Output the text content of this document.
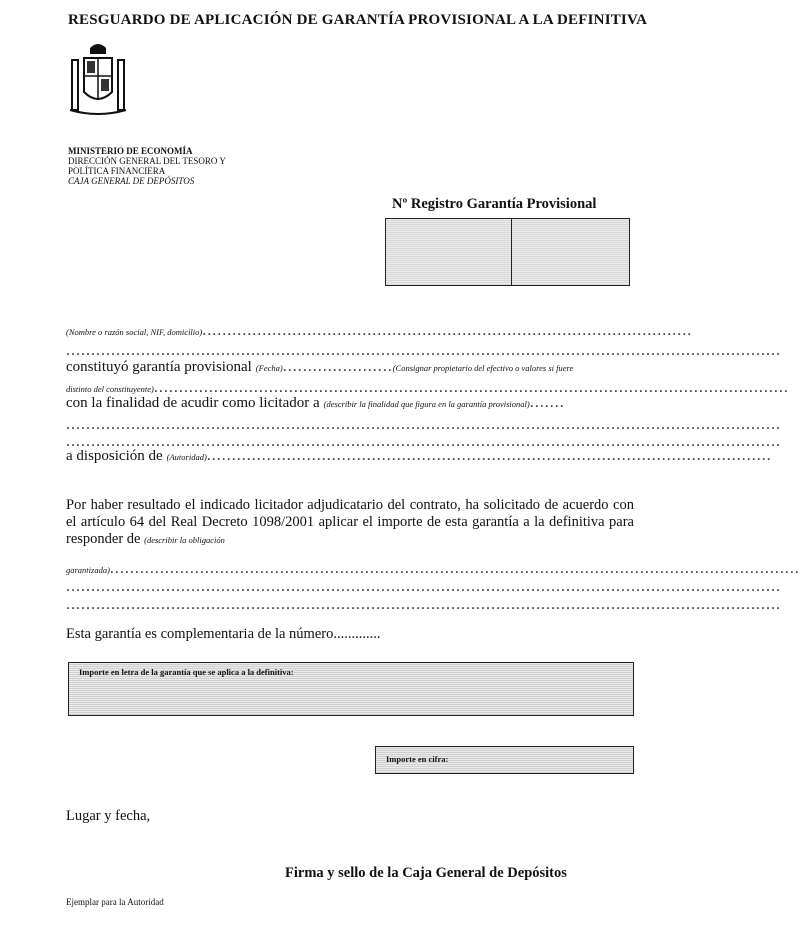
RESGUARDO DE APLICACIÓN DE GARANTÍA PROVISIONAL A LA DEFINITIVA
MINISTERIO DE ECONOMÍA
DIRECCIÓN GENERAL DEL TESORO Y
POLÍTICA FINANCIERA
CAJA GENERAL DE DEPÓSITOS
Nº Registro Garantía Provisional
(Nombre o razón social, NIF, domicilio)..................................................................................................
...............................................................................................................................................
constituyó garantía provisional (Fecha)......................(Consignar propietario del efectivo o valores si fuere
distinto del constituyente)...............................................................................................................................
con la finalidad de acudir como licitador a (describir la finalidad que figura en la garantía provisional).......
...............................................................................................................................................
...............................................................................................................................................
a disposición de (Autoridad).................................................................................................................
Por haber resultado el indicado licitador adjudicatario del contrato, ha solicitado de acuerdo con el artículo 64 del Real Decreto 1098/2001 aplicar el importe de esta garantía a la definitiva para responder de (describir la obligación
garantizada)..........................................................................................................................................
...............................................................................................................................................
...............................................................................................................................................
Esta garantía es complementaria de la número.............
Importe en letra de la garantía que se aplica a la definitiva:
Importe en cifra:
Lugar y fecha,
Firma y sello de la Caja General de Depósitos
Ejemplar para la Autoridad
